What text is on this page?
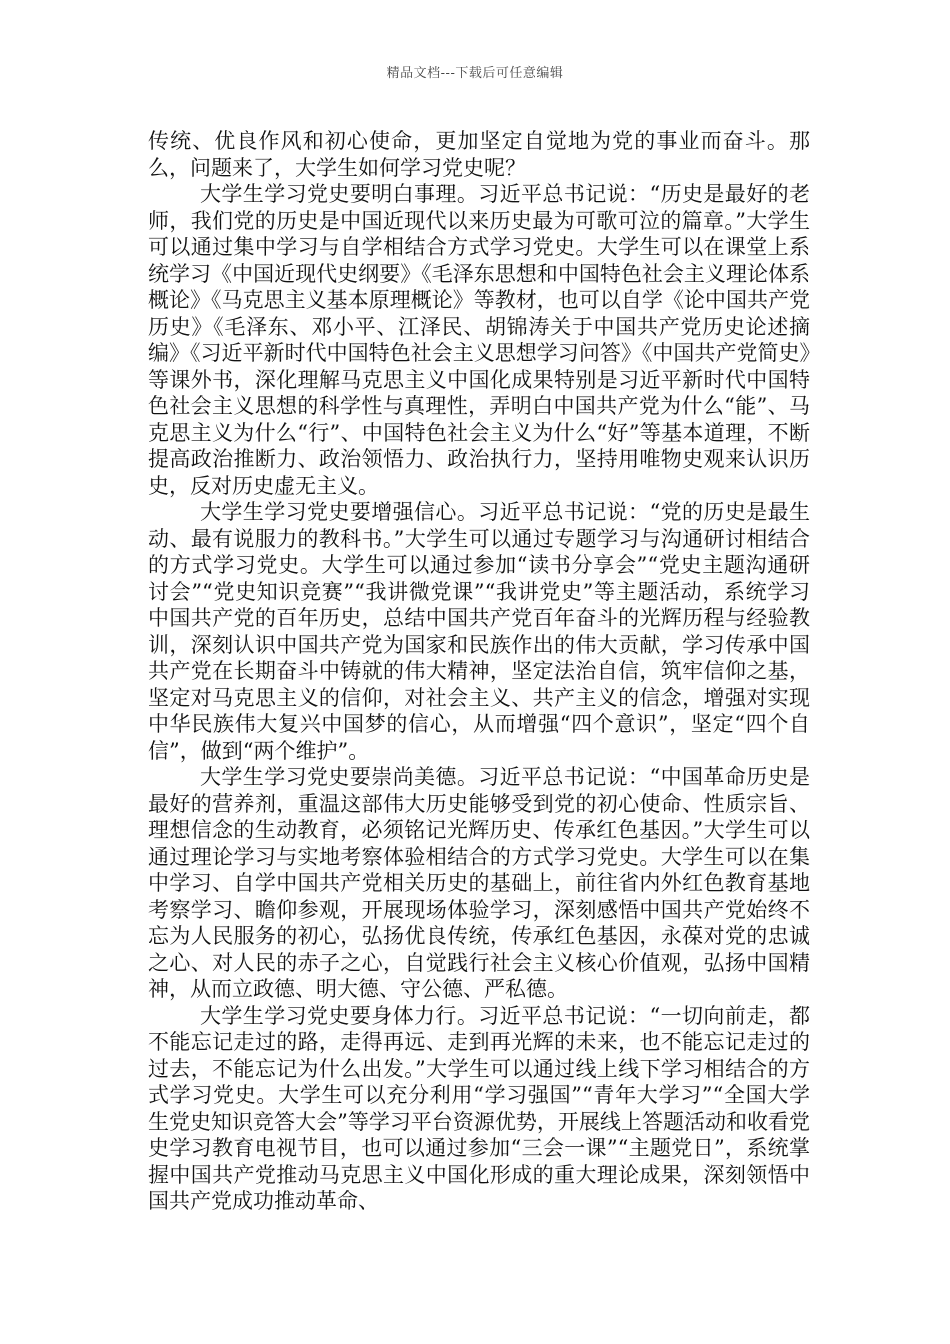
精品文档---下载后可任意编辑

传统、优良作风和初心使命，更加坚定自觉地为党的事业而奋斗。那么，问题来了，大学生如何学习党史呢？

大学生学习党史要明白事理。习近平总书记说：“历史是最好的老师，我们党的历史是中国近现代以来历史最为可歌可泣的篇章。”大学生可以通过集中学习与自学相结合方式学习党史。大学生可以在课堂上系统学习《中国近现代史纲要》《毛泽东思想和中国特色社会主义理论体系概论》《马克思主义基本原理概论》等教材，也可以自学《论中国共产党历史》《毛泽东、邓小平、江泽民、胡锦涛关于中国共产党历史论述摘编》《习近平新时代中国特色社会主义思想学习问答》《中国共产党简史》等课外书，深化理解马克思主义中国化成果特别是习近平新时代中国特色社会主义思想的科学性与真理性，弄明白中国共产党为什么“能”、马克思主义为什么“行”、中国特色社会主义为什么“好”等基本道理，不断提高政治推断力、政治领悟力、政治执行力，坚持用唯物史观来认识历史，反对历史虚无主义。

大学生学习党史要增强信心。习近平总书记说：“党的历史是最生动、最有说服力的教科书。”大学生可以通过专题学习与沟通研讨相结合的方式学习党史。大学生可以通过参加“读书分享会”“党史主题沟通研讨会”“党史知识竞赛”“我讲微党课”“我讲党史”等主题活动，系统学习中国共产党的百年历史，总结中国共产党百年奋斗的光辉历程与经验教训，深刻认识中国共产党为国家和民族作出的伟大贡献，学习传承中国共产党在长期奋斗中铸就的伟大精神，坚定法治自信，筑牢信仰之基，坚定对马克思主义的信仰，对社会主义、共产主义的信念，增强对实现中华民族伟大复兴中国梦的信心，从而增强“四个意识”，坚定“四个自信”，做到“两个维护”。

大学生学习党史要崇尚美德。习近平总书记说：“中国革命历史是最好的营养剂，重温这部伟大历史能够受到党的初心使命、性质宗旨、理想信念的生动教育，必须铭记光辉历史、传承红色基因。”大学生可以通过理论学习与实地考察体验相结合的方式学习党史。大学生可以在集中学习、自学中国共产党相关历史的基础上，前往省内外红色教育基地考察学习、瞻仰参观，开展现场体验学习，深刻感悟中国共产党始终不忘为人民服务的初心，弘扬优良传统，传承红色基因，永葆对党的忠诚之心、对人民的赤子之心，自觉践行社会主义核心价值观，弘扬中国精神，从而立政德、明大德、守公德、严私德。

大学生学习党史要身体力行。习近平总书记说：“一切向前走，都不能忘记走过的路，走得再远、走到再光辉的未来，也不能忘记走过的过去，不能忘记为什么出发。”大学生可以通过线上线下学习相结合的方式学习党史。大学生可以充分利用“学习强国”“青年大学习”“全国大学生党史知识竞答大会”等学习平台资源优势，开展线上答题活动和收看党史学习教育电视节目，也可以通过参加“三会一课”“主题党日”，系统掌握中国共产党推动马克思主义中国化形成的重大理论成果，深刻领悟中国共产党成功推动革命、
